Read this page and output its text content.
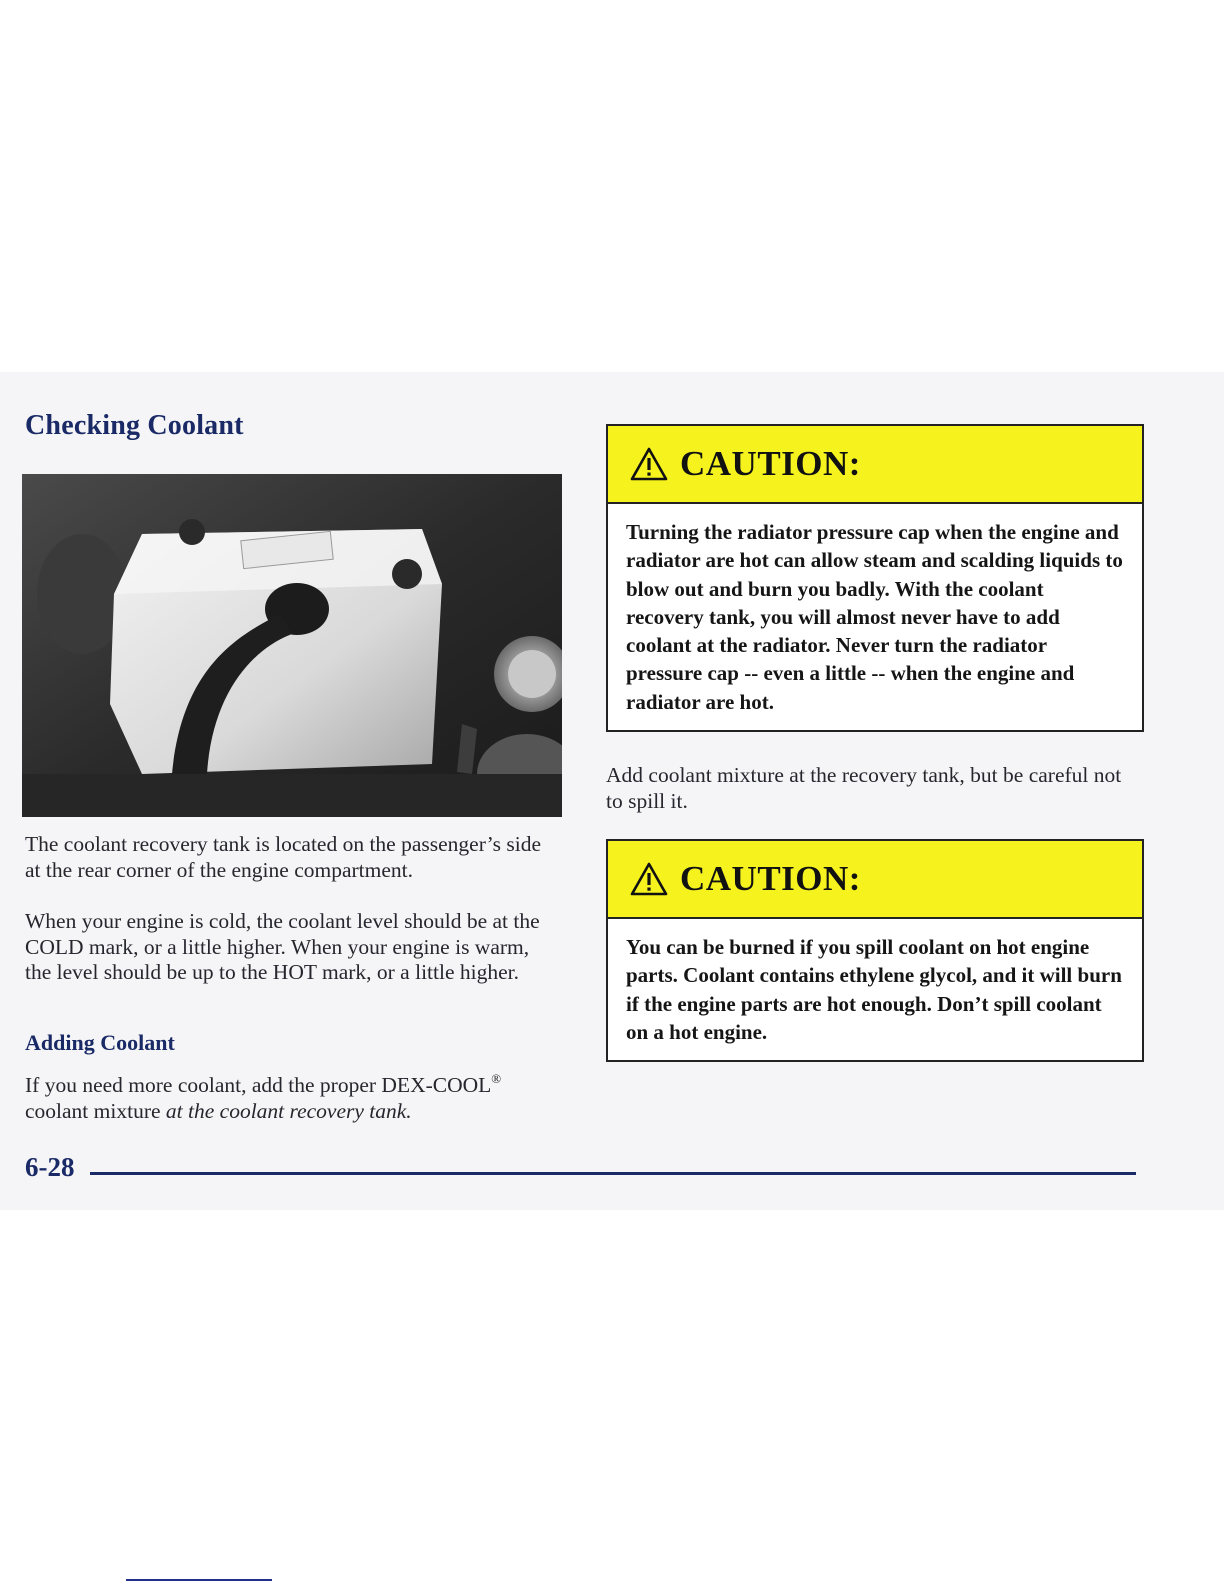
Checking Coolant

The coolant recovery tank is located on the passenger’s side at the rear corner of the engine compartment.

When your engine is cold, the coolant level should be at the COLD mark, or a little higher. When your engine is warm, the level should be up to the HOT mark, or a little higher.

Adding Coolant

If you need more coolant, add the proper DEX-COOL®
coolant mixture at the coolant recovery tank.

CAUTION:

Turning the radiator pressure cap when the engine and radiator are hot can allow steam and scalding liquids to blow out and burn you badly. With the coolant recovery tank, you will almost never have to add coolant at the radiator. Never turn the radiator pressure cap -- even a little -- when the engine and radiator are hot.

Add coolant mixture at the recovery tank, but be careful not to spill it.

CAUTION:

You can be burned if you spill coolant on hot engine parts. Coolant contains ethylene glycol, and it will burn if the engine parts are hot enough. Don’t spill coolant on a hot engine.

6-28
